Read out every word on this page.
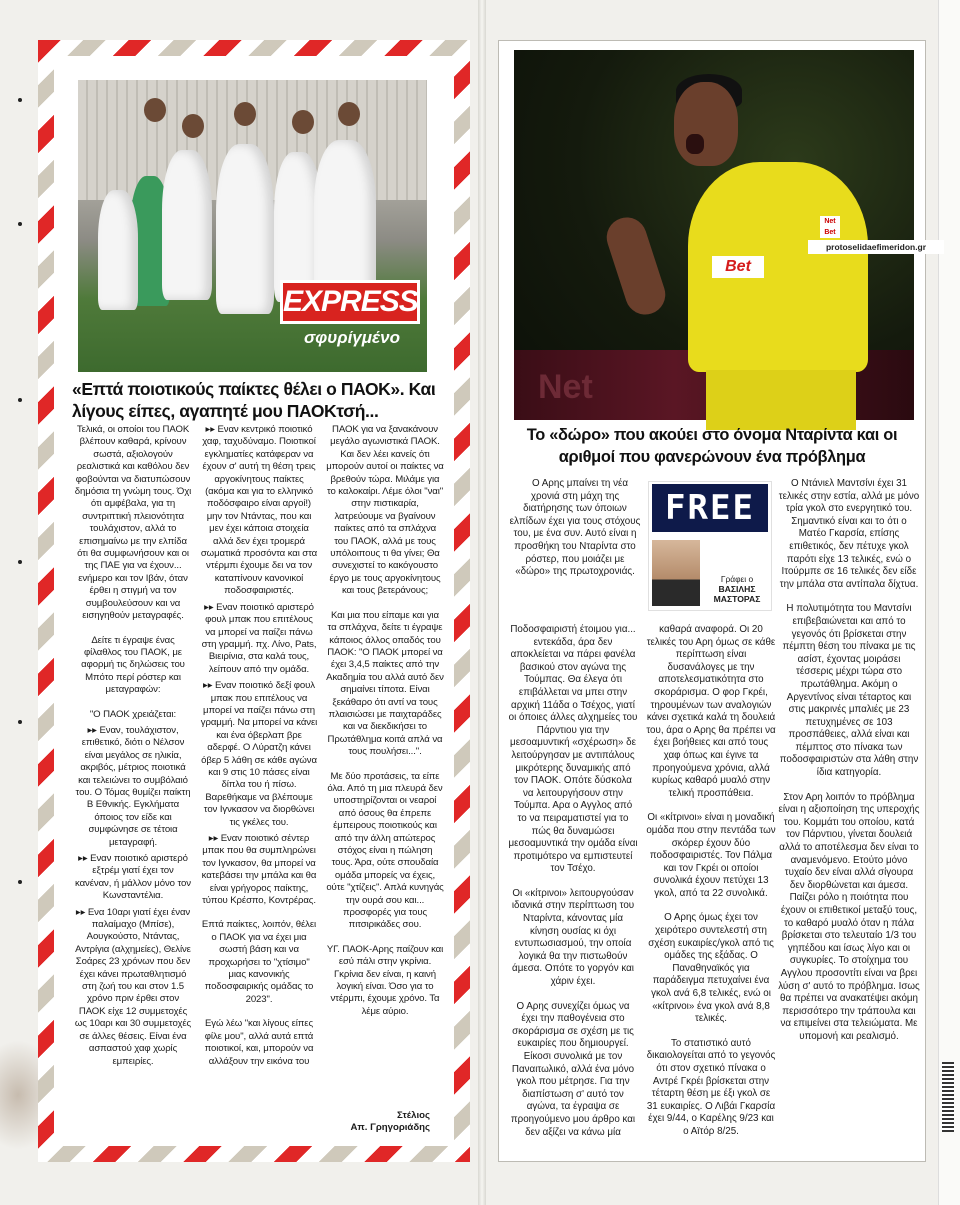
EXPRESS
σφυρίγμένο
«Επτά ποιοτικούς παίκτες θέλει ο ΠΑΟΚ». Και λίγους είπες, αγαπητέ μου ΠΑΟΚτσή...

Τελικά, οι οποίοι του ΠΑΟΚ βλέπουν καθαρά, κρίνουν σωστά, αξιολογούν ρεαλιστικά και καθόλου δεν φοβούνται να διατυπώσουν δημόσια τη γνώμη τους. Όχι ότι αμφέβαλα, για τη συντριπτική πλειονότητα τουλάχιστον, αλλά το επισημαίνω με την ελπίδα ότι θα συμφωνήσουν και οι της ΠΑΕ για να έχουν... ενήμερο και τον Ιβάν, όταν έρθει η στιγμή να τον συμβουλεύσουν και να εισηγηθούν μεταγραφές.

Δείτε τι έγραψε ένας φίλαθλος του ΠΑΟΚ, με αφορμή τις δηλώσεις του Μπότο περί ρόστερ και μεταγραφών:

"Ο ΠΑΟΚ χρειάζεται:

▸▸ Εναν, τουλάχιστον, επιθετικό, διότι ο Νέλσον είναι μεγάλος σε ηλικία, ακριβός, μέτριος ποιοτικά και τελειώνει το συμβόλαιό του. Ο Τόμας θυμίζει παίκτη Β Εθνικής. Εγκλήματα όποιος τον είδε και συμφώνησε σε τέτοια μεταγραφή.

▸▸ Εναν ποιοτικό αριστερό εξτρέμ γιατί έχει τον κανέναν, ή μάλλον μόνο τον Κωνσταντέλια.

▸▸ Ενα 10αρι γιατί έχει έναν παλαίμαχο (Μπίσε), Αουγκούστο, Ντάντας, Αντρίγια (αλχημείες), Θελίνε Σοάρες 23 χρόνων που δεν έχει κάνει πρωταθλητισμό στη ζωή του και στον 1.5 χρόνο πριν έρθει στον ΠΑΟΚ είχε 12 συμμετοχές ως 10αρι και 30 συμμετοχές σε άλλες θέσεις. Είναι ένα ασπαστού χαφ χωρίς εμπειρίες.

▸▸ Εναν κεντρικό ποιοτικό χαφ, ταχυδύναμο. Ποιοτικοί εγκληματίες κατάφεραν να έχουν σ' αυτή τη θέση τρεις αργοκίνητους παίκτες (ακόμα και για το ελληνικό ποδόσφαιρο είναι αργοί!) μην τον Ντάντας, που και μεν έχει κάποια στοιχεία αλλά δεν έχει τρομερά σωματικά προσόντα και στα ντέρμπι έχουμε δει να τον καταπίνουν κανονικοί ποδοσφαιριστές.

▸▸ Εναν ποιοτικό αριστερό φουλ μπακ που επιτέλους να μπορεί να παίζει πάνω στη γραμμή. πχ. Λίνο, Pats, Βιειρίνια, στα καλά τους, λείπουν από την ομάδα.

▸▸ Εναν ποιοτικό δεξί φουλ μπακ που επιτέλους να μπορεί να παίζει πάνω στη γραμμή. Να μπορεί να κάνει και ένα όβερλαπ βρε αδερφέ. Ο Λύρατζη κάνει όβερ 5 λάθη σε κάθε αγώνα και 9 στις 10 πάσες είναι δίπλα του ή πίσω. Βαρεθήκαμε να βλέπουμε τον Ιγνκασον να διορθώνει τις γκέλες του.

▸▸ Εναν ποιοτικό σέντερ μπακ που θα συμπληρώνει τον Ιγνκασον, θα μπορεί να κατεβάσει την μπάλα και θα είναι γρήγορος παίκτης, τύπου Κρέσπο, Κοντρέρας.

Επτά παίκτες, λοιπόν, θέλει ο ΠΑΟΚ για να έχει μια σωστή βάση και να προχωρήσει το "χτίσιμο" μιας κανονικής ποδοσφαιρικής ομάδας το 2023".

Εγώ λέω "και λίγους είπες φίλε μου", αλλά αυτά επτά ποιοτικοί, και, μπορούν να αλλάξουν την εικόνα του ΠΑΟΚ για να ξανακάνουν μεγάλο αγωνιστικά ΠΑΟΚ. Και δεν λέει κανείς ότι μπορούν αυτοί οι παίκτες να βρεθούν τώρα. Μιλάμε για το καλοκαίρι. Λέμε όλοι "ναι" στην πιστικαρία, λατρεύουμε να βγαίνουν παίκτες από τα σπλάχνα του ΠΑΟΚ, αλλά με τους υπόλοιπους τι θα γίνει; Θα συνεχιστεί το κακόγουστο έργο με τους αργοκίνητους και τους βετεράνους;

Και μια που είπαμε και για τα σπλάχνα, δείτε τι έγραψε κάποιος άλλος οπαδός του ΠΑΟΚ: "Ο ΠΑΟΚ μπορεί να έχει 3,4,5 παίκτες από την Ακαδημία του αλλά αυτό δεν σημαίνει τίποτα. Είναι ξεκάθαρο ότι αντί να τους πλαισιώσει με παιχταράδες και να διεκδικήσει το Πρωτάθλημα κοιτά απλά να τους πουλήσει...".

Με δύο προτάσεις, τα είπε όλα. Από τη μια πλευρά δεν υποστηρίζονται οι νεαροί από όσους θα έπρεπε έμπειρους ποιοτικούς και από την άλλη απώτερος στόχος είναι η πώληση τους. Άρα, ούτε σπουδαία ομάδα μπορείς να έχεις, ούτε "χτίζεις". Απλά κυνηγάς την ουρά σου και... προσφορές για τους πιτσιρικάδες σου.

ΥΓ. ΠΑΟΚ-Αρης παίζουν και εσύ πάλι στην γκρίνια. Γκρίνια δεν είναι, η καινή λογική είναι. Όσο για το ντέρμπι, έχουμε χρόνο. Τα λέμε αύριο.

Στέλιος
Απ. Γρηγοριάδης
Net
Bet
Net
Bet
protoselidaefimeridon.gr
Το «δώρο» που ακούει στο όνομα Νταρίντα και οι αριθμοί που φανερώνουν ένα πρόβλημα
FREE
Γράφει ο
ΒΑΣΙΛΗΣ ΜΑΣΤΟΡΑΣ

Ο Αρης μπαίνει τη νέα χρονιά στη μάχη της διατήρησης των όποιων ελπίδων έχει για τους στόχους του, με ένα συν. Αυτό είναι η προσθήκη του Νταρίντα στο ρόστερ, που μοιάζει με «δώρο» της πρωτοχρονιάς.

Ποδοσφαιριστή έτοιμου για... εντεκάδα, άρα δεν αποκλείεται να πάρει φανέλα βασικού στον αγώνα της Τούμπας. Θα έλεγα ότι επιβάλλεται να μπει στην αρχική 11άδα ο Τσέχος, γιατί οι όποιες άλλες αλχημείες του Πάρντιου για την μεσοαμυντική «σχέρωση» δε λειτούργησαν με αντιπάλους μικρότερης δυναμικής από τον ΠΑΟΚ. Οπότε δύσκολα να λειτουργήσουν στην Τούμπα. Αρα ο Αγγλος από το να πειραματιστεί για το πώς θα δυναμώσει μεσοαμυντικά την ομάδα είναι προτιμότερο να εμπιστευτεί τον Τσέχο.

Οι «κίτρινοι» λειτουργούσαν ιδανικά στην περίπτωση του Νταρίντα, κάνοντας μία κίνηση ουσίας κι όχι εντυπωσιασμού, την οποία λογικά θα την πιστωθούν άμεσα. Οπότε το γοργόν και χάριν έχει.

Ο Αρης συνεχίζει όμως να έχει την παθογένεια στο σκοράρισμα σε σχέση με τις ευκαιρίες που δημιουργεί. Είκοσι συνολικά με τον Παναιτωλικό, αλλά ένα μόνο γκολ που μέτρησε. Για την διαπίστωση σ' αυτό τον αγώνα, τα έγραψα σε προηγούμενο μου άρθρο και δεν αξίζει να κάνω μία καθαρά αναφορά. Οι 20 τελικές του Αρη όμως σε κάθε περίπτωση είναι δυσανάλογες με την αποτελεσματικότητα στο σκοράρισμα. Ο φορ Γκρέι, τηρουμένων των αναλογιών κάνει σχετικά καλά τη δουλειά του, άρα ο Αρης θα πρέπει να έχει βοήθειες και από τους χαφ όπως και έγινε τα προηγούμενα χρόνια, αλλά κυρίως καθαρό μυαλό στην τελική προσπάθεια.

Οι «κίτρινοι» είναι η μοναδική ομάδα που στην πεντάδα των σκόρερ έχουν δύο ποδοσφαιριστές. Τον Πάλμα και τον Γκρέι οι οποίοι συνολικά έχουν πετύχει 13 γκολ, από τα 22 συνολικά.

Ο Αρης όμως έχει τον χειρότερο συντελεστή στη σχέση ευκαιρίες/γκολ από τις ομάδες της εξάδας. Ο Παναθηναϊκός για παράδειγμα πετυχαίνει ένα γκολ ανά 6,8 τελικές, ενώ οι «κίτρινοι» ένα γκολ ανά 8,8 τελικές.

Το στατιστικό αυτό δικαιολογείται από το γεγονός ότι στον σχετικό πίνακα ο Αντρέ Γκρέι βρίσκεται στην τέταρτη θέση με έξι γκολ σε 31 ευκαιρίες. Ο Λιβάι Γκαρσία έχει 9/44, ο Καρέλης 9/23 και ο Αϊτόρ 8/25.

Ο Ντάνιελ Μαντσίνι έχει 31 τελικές στην εστία, αλλά με μόνο τρία γκολ στο ενεργητικό του. Σημαντικό είναι και το ότι ο Ματέο Γκαρσία, επίσης επιθετικός, δεν πέτυχε γκολ παρότι είχε 13 τελικές, ενώ ο Ιτούρμπε σε 16 τελικές δεν είδε την μπάλα στα αντίπαλα δίχτυα.

Η πολυτιμότητα του Μαντσίνι επιβεβαιώνεται και από το γεγονός ότι βρίσκεται στην πέμπτη θέση του πίνακα με τις ασίστ, έχοντας μοιράσει τέσσερις μέχρι τώρα στο πρωτάθλημα. Ακόμη ο Αργεντίνος είναι τέταρτος και στις μακρινές μπαλιές με 23 πετυχημένες σε 103 προσπάθειες, αλλά είναι και πέμπτος στο πίνακα των ποδοσφαιριστών στα λάθη στην ίδια κατηγορία.

Στον Αρη λοιπόν το πρόβλημα είναι η αξιοποίηση της υπεροχής του. Κομμάτι του οποίου, κατά τον Πάρντιου, γίνεται δουλειά αλλά το αποτέλεσμα δεν είναι το αναμενόμενο. Ετούτο μόνο τυχαίο δεν είναι αλλά σίγουρα δεν διορθώνεται και άμεσα. Παίζει ρόλο η ποιότητα που έχουν οι επιθετικοί μεταξύ τους, το καθαρό μυαλό όταν η πάλα βρίσκεται στο τελευταίο 1/3 του γηπέδου και ίσως λίγο και οι συγκυρίες. Το στοίχημα του Αγγλου προσοντίτι είναι να βρει λύση σ' αυτό το πρόβλημα. Ισως θα πρέπει να ανακατέψει ακόμη περισσότερο την τράπουλα και να επιμείνει στα τελειώματα. Με υπομονή και ρεαλισμό.
